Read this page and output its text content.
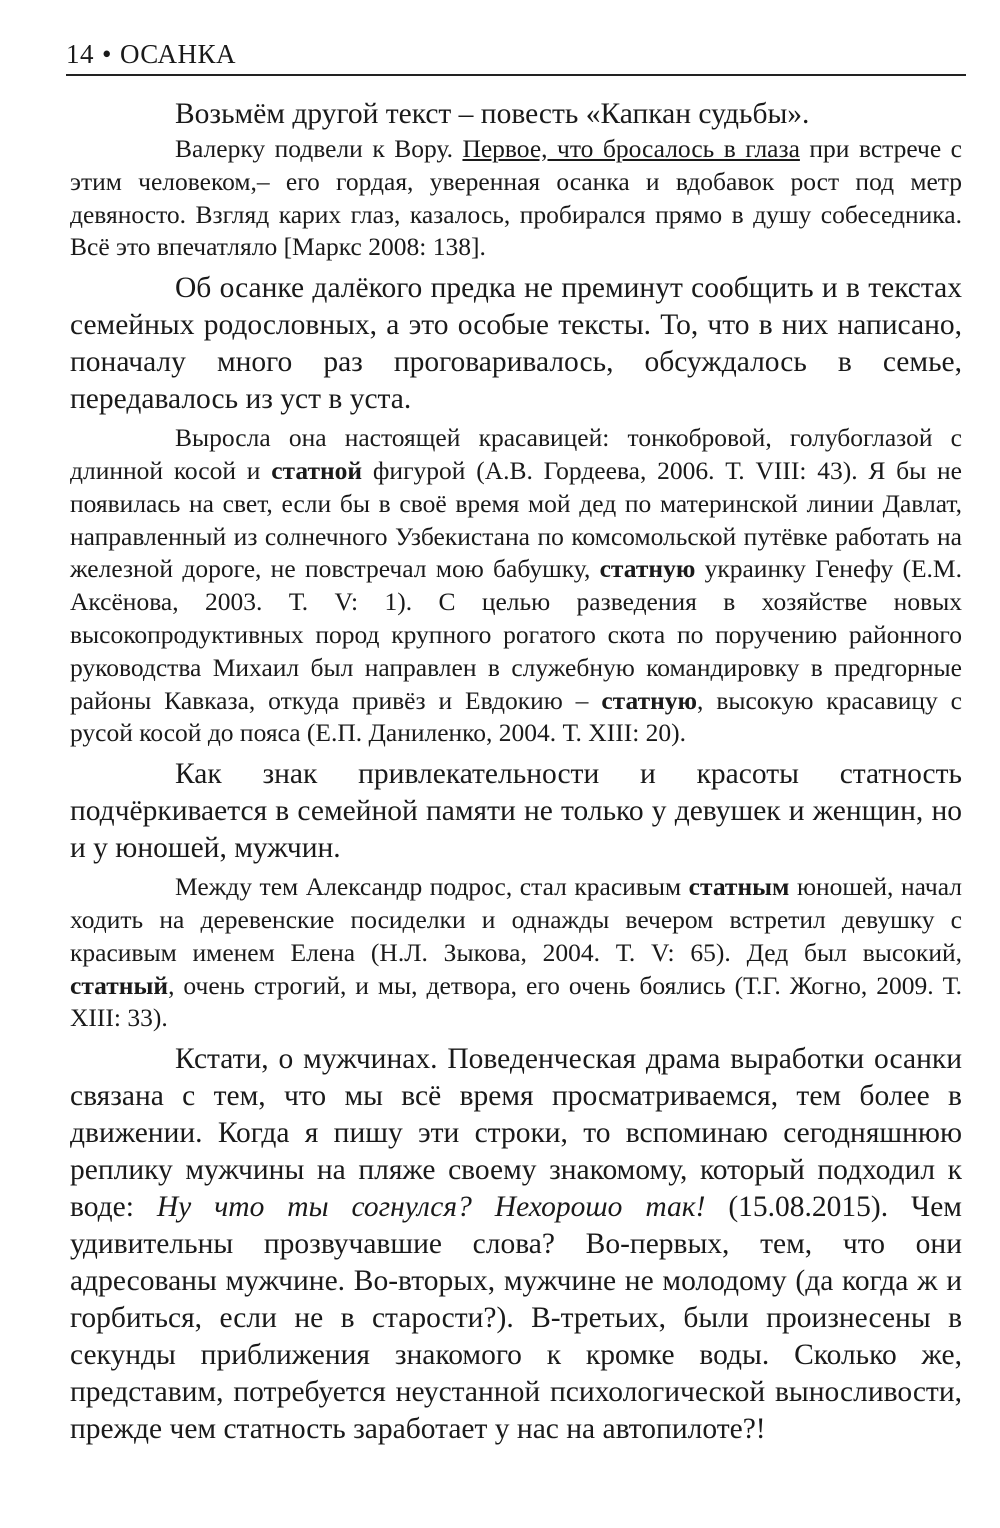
14 • ОСАНКА

Возьмём другой текст – повесть «Капкан судьбы».

Валерку подвели к Вору. Первое, что бросалось в глаза при встрече с этим человеком,– его гордая, уверенная осанка и вдобавок рост под метр девяносто. Взгляд карих глаз, казалось, пробирался прямо в душу собеседника. Всё это впечатляло [Маркс 2008: 138].

Об осанке далёкого предка не преминут сообщить и в текстах семейных родословных, а это особые тексты. То, что в них написано, поначалу много раз проговаривалось, обсуждалось в семье, передавалось из уст в уста.

Выросла она настоящей красавицей: тонкобровой, голубоглазой с длинной косой и статной фигурой (А.В. Гордеева, 2006. Т. VIII: 43). Я бы не появилась на свет, если бы в своё время мой дед по материнской линии Давлат, направленный из солнечного Узбекистана по комсомольской путёвке работать на железной дороге, не повстречал мою бабушку, статную украинку Генефу (Е.М. Аксёнова, 2003. Т. V: 1). С целью разведения в хозяйстве новых высокопродуктивных пород крупного рогатого скота по поручению районного руководства Михаил был направлен в служебную командировку в предгорные районы Кавказа, откуда привёз и Евдокию – статную, высокую красавицу с русой косой до пояса (Е.П. Даниленко, 2004. Т. XIII: 20).

Как знак привлекательности и красоты статность подчёркивается в семейной памяти не только у девушек и женщин, но и у юношей, мужчин.

Между тем Александр подрос, стал красивым статным юношей, начал ходить на деревенские посиделки и однажды вечером встретил девушку с красивым именем Елена (Н.Л. Зыкова, 2004. Т. V: 65). Дед был высокий, статный, очень строгий, и мы, детвора, его очень боялись (Т.Г. Жогно, 2009. Т. XIII: 33).

Кстати, о мужчинах. Поведенческая драма выработки осанки связана с тем, что мы всё время просматриваемся, тем более в движении. Когда я пишу эти строки, то вспоминаю сегодняшнюю реплику мужчины на пляже своему знакомому, который подходил к воде: Ну что ты согнулся? Нехорошо так! (15.08.2015). Чем удивительны прозвучавшие слова? Во-первых, тем, что они адресованы мужчине. Во-вторых, мужчине не молодому (да когда ж и горбиться, если не в старости?). В-третьих, были произнесены в секунды приближения знакомого к кромке воды. Сколько же, представим, потребуется неустанной психологической выносливости, прежде чем статность заработает у нас на автопилоте?!
